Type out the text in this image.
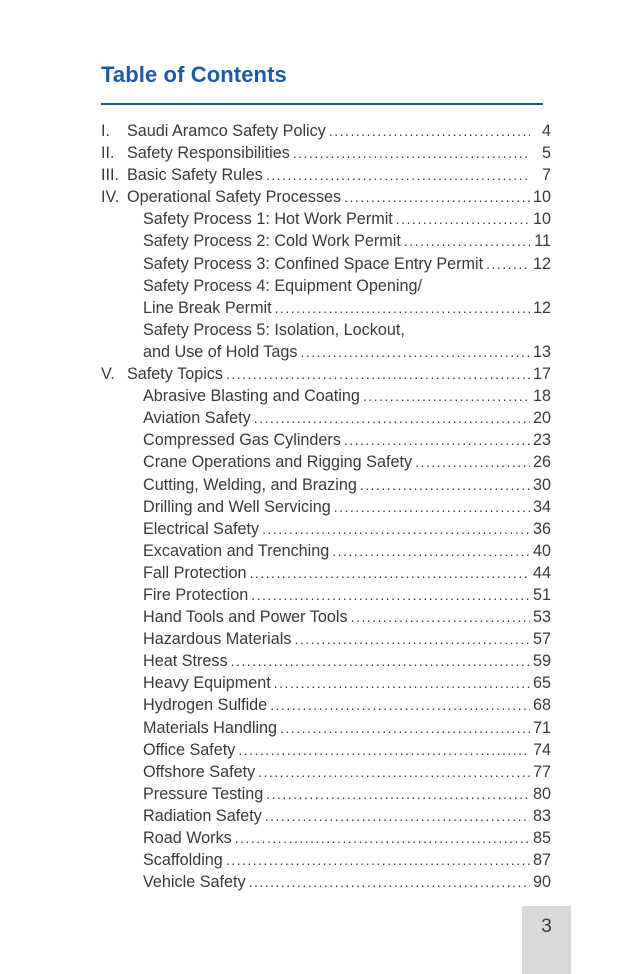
Table of Contents
I.	Saudi Aramco Safety Policy . . .	4
II. Safety Responsibilities . . .	5
III. Basic Safety Rules . . .	7
IV. Operational Safety Processes . . .	10
Safety Process 1: Hot Work Permit . . .	10
Safety Process 2: Cold Work Permit . . .	11
Safety Process 3: Confined Space Entry Permit . . .	12
Safety Process 4: Equipment Opening/
Line Break Permit . . .	12
Safety Process 5: Isolation, Lockout,
and Use of Hold Tags . . .	13
V. Safety Topics . . .	17
Abrasive Blasting and Coating . . .	18
Aviation Safety . . .	20
Compressed Gas Cylinders . . .	23
Crane Operations and Rigging Safety . . .	26
Cutting, Welding, and Brazing . . .	30
Drilling and Well Servicing . . .	34
Electrical Safety . . .	36
Excavation and Trenching . . .	40
Fall Protection . . .	44
Fire Protection . . .	51
Hand Tools and Power Tools . . .	53
Hazardous Materials . . .	57
Heat Stress . . .	59
Heavy Equipment . . .	65
Hydrogen Sulfide . . .	68
Materials Handling . . .	71
Office Safety . . .	74
Offshore Safety . . .	77
Pressure Testing . . .	80
Radiation Safety . . .	83
Road Works . . .	85
Scaffolding . . .	87
Vehicle Safety . . .	90
3
